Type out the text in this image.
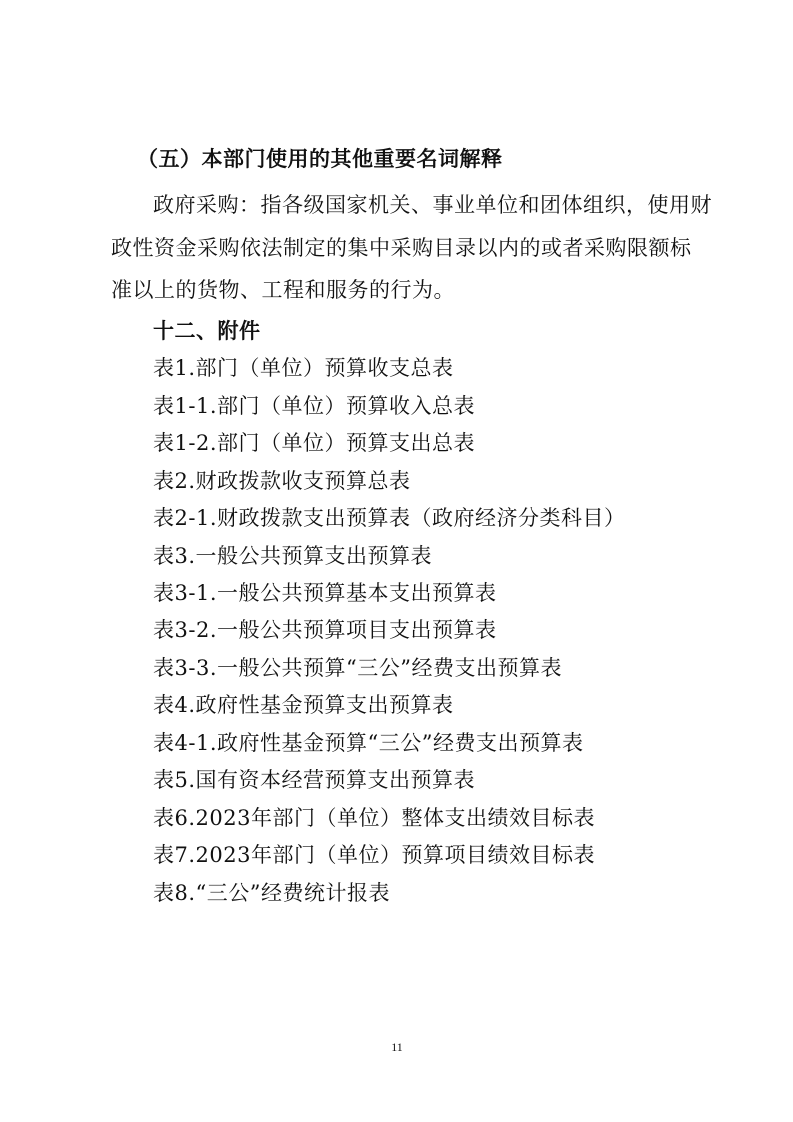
（五）本部门使用的其他重要名词解释
政府采购：指各级国家机关、事业单位和团体组织，使用财
政性资金采购依法制定的集中采购目录以内的或者采购限额标
准以上的货物、工程和服务的行为。
十二、附件
表1.部门（单位）预算收支总表
表1-1.部门（单位）预算收入总表
表1-2.部门（单位）预算支出总表
表2.财政拨款收支预算总表
表2-1.财政拨款支出预算表（政府经济分类科目）
表3.一般公共预算支出预算表
表3-1.一般公共预算基本支出预算表
表3-2.一般公共预算项目支出预算表
表3-3.一般公共预算“三公”经费支出预算表
表4.政府性基金预算支出预算表
表4-1.政府性基金预算“三公”经费支出预算表
表5.国有资本经营预算支出预算表
表6.2023年部门（单位）整体支出绩效目标表
表7.2023年部门（单位）预算项目绩效目标表
表8.“三公”经费统计报表
11
